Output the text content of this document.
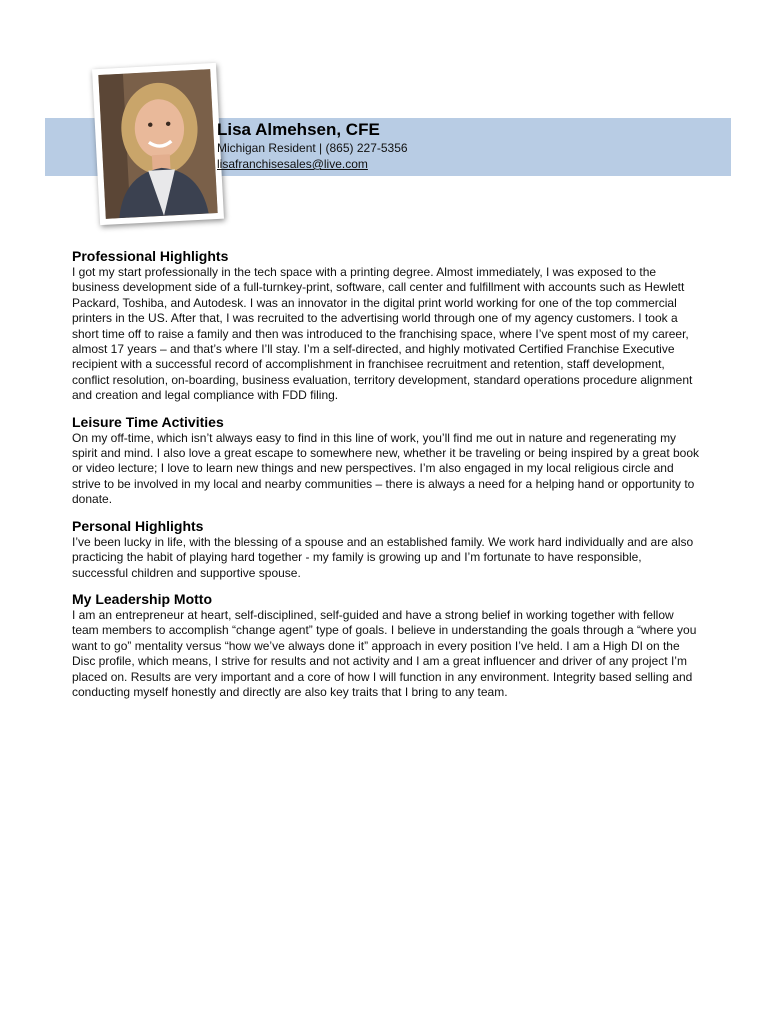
Lisa Almehsen, CFE
Michigan Resident | (865) 227-5356
lisafranchisesales@live.com
Professional Highlights

I got my start professionally in the tech space with a printing degree. Almost immediately, I was exposed to the business development side of a full-turnkey-print, software, call center and fulfillment with accounts such as Hewlett Packard, Toshiba, and Autodesk. I was an innovator in the digital print world working for one of the top commercial printers in the US. After that, I was recruited to the advertising world through one of my agency customers. I took a short time off to raise a family and then was introduced to the franchising space, where I’ve spent most of my career, almost 17 years – and that’s where I’ll stay. I’m a self-directed, and highly motivated Certified Franchise Executive recipient with a successful record of accomplishment in franchisee recruitment and retention, staff development, conflict resolution, on-boarding, business evaluation, territory development, standard operations procedure alignment and creation and legal compliance with FDD filing.

Leisure Time Activities

On my off-time, which isn’t always easy to find in this line of work, you’ll find me out in nature and regenerating my spirit and mind. I also love a great escape to somewhere new, whether it be traveling or being inspired by a great book or video lecture; I love to learn new things and new perspectives. I’m also engaged in my local religious circle and strive to be involved in my local and nearby communities – there is always a need for a helping hand or opportunity to donate.

Personal Highlights

I’ve been lucky in life, with the blessing of a spouse and an established family. We work hard individually and are also practicing the habit of playing hard together - my family is growing up and I’m fortunate to have responsible, successful children and supportive spouse.

My Leadership Motto

I am an entrepreneur at heart, self-disciplined, self-guided and have a strong belief in working together with fellow team members to accomplish “change agent” type of goals. I believe in understanding the goals through a “where you want to go” mentality versus “how we’ve always done it” approach in every position I’ve held. I am a High DI on the Disc profile, which means, I strive for results and not activity and I am a great influencer and driver of any project I’m placed on. Results are very important and a core of how I will function in any environment. Integrity based selling and conducting myself honestly and directly are also key traits that I bring to any team.
